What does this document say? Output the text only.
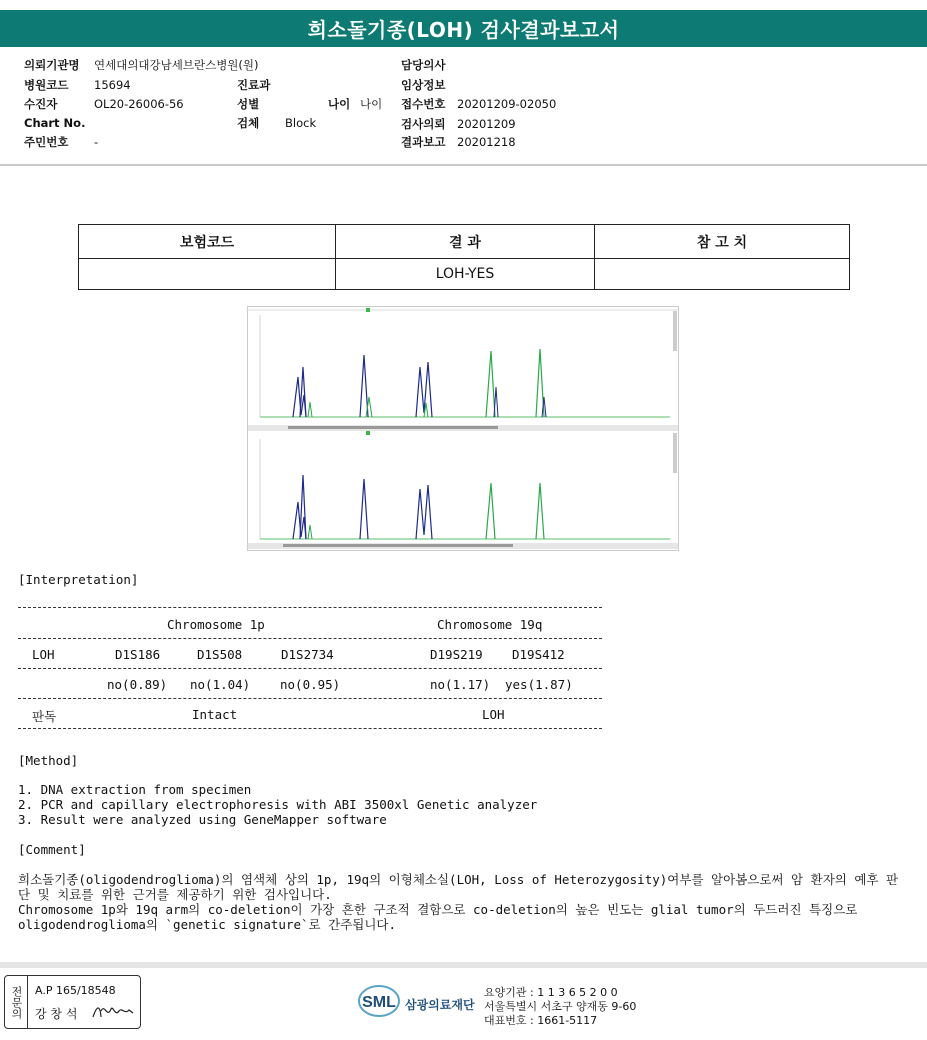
희소돌기종(LOH) 검사결과보고서
의뢰기관명 연세대의대강남세브란스병원(원)
병원코드 15694
수진자	OL20-26006-56
Chart No.
주민번호 -
진료과
성별	나이 나이
검체 Block
담당의사
임상정보
접수번호 20201209-02050
검사의뢰 20201209
결과보고 20201218
보험코드	결 과	참 고 치
	LOH-YES	
[Interpretation]
Chromosome 1p	Chromosome 19q
LOH	D1S186	D1S508	D1S2734	D19S219 D19S412
no(0.89) no(1.04) no(0.95)	no(1.17) yes(1.87)
판독	Intact	LOH
[Method]
1. DNA extraction from specimen
2. PCR and capillary electrophoresis with ABI 3500xl Genetic analyzer
3. Result were analyzed using GeneMapper software
[Comment]
희소돌기종(oligodendroglioma)의 염색체 상의 1p, 19q의 이형체소실(LOH, Loss of Heterozygosity)여부를 알아봄으로써 암 환자의 예후 판단 및 치료를 위한 근거를 제공하기 위한 검사입니다.
Chromosome 1p와 19q arm의 co-deletion이 가장 흔한 구조적 결함으로 co-deletion의 높은 빈도는 glial tumor의 두드러진 특징으로 oligodendroglioma의 `genetic signature`로 간주됩니다.
전문의	A.P 165/18548
강 창 석
SML 삼광의료재단
요양기관 : 1 1 3 6 5 2 0 0
서울특별시 서초구 양재동 9-60
대표번호 : 1661-5117
